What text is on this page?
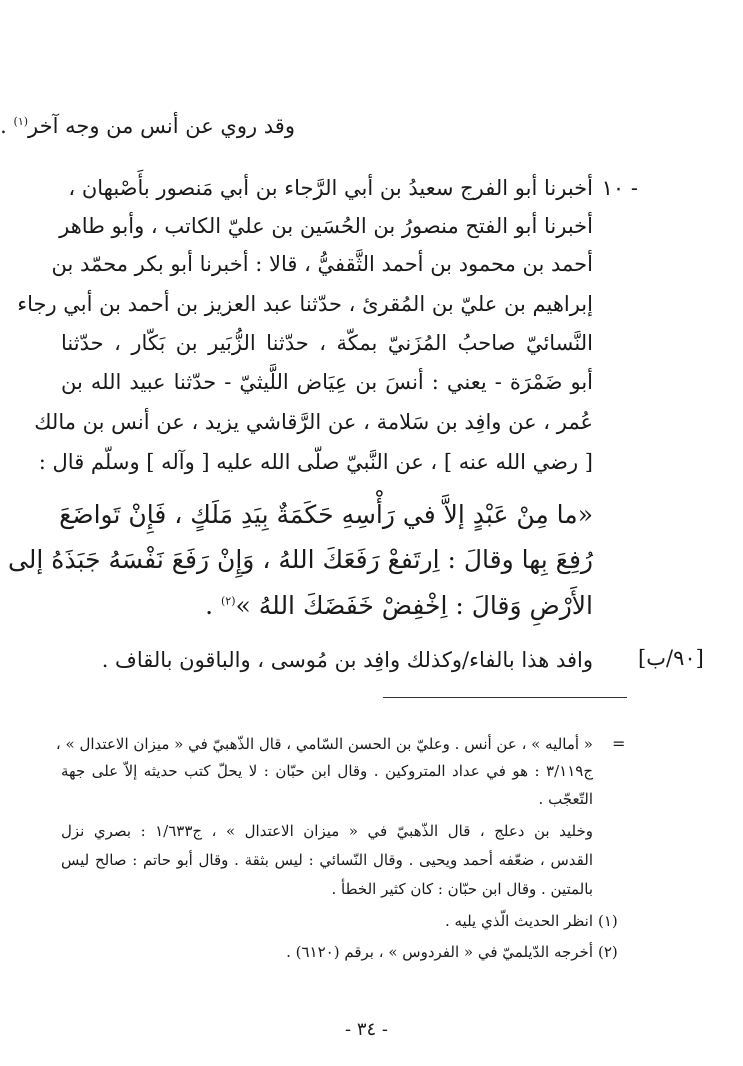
وقد روي عن أنس من وجه آخر$^{(١)}$ .
١٠ -
أخبرنا أبو الفرج سعيدُ بن أبي الرَّجاء بن أبي مَنصور بأَصْبهان ،
أخبرنا أبو الفتح منصورُ بن الحُسَين بن عليّ الكاتب ، وأبو طاهر
أحمد بن محمود بن أحمد الثَّقفيُّ ، قالا : أخبرنا أبو بكر محمّد بن
إبراهيم بن عليّ بن المُقرئ ، حدّثنا عبد العزيز بن أحمد بن أبي رجاء
النَّسائيّ صاحبُ المُزَنيّ بمكّة ، حدّثنا الزُّبَير بن بَكّار ، حدّثنا
أبو ضَمْرَة - يعني : أنسَ بن عِيَاض اللَّيثيّ - حدّثنا عبيد الله بن
عُمر ، عن وافِد بن سَلامة ، عن الرَّقاشي يزيد ، عن أنس بن مالك
[ رضي الله عنه ] ، عن النَّبيّ صلّى الله عليه [ وآله ] وسلّم قال :
«ما مِنْ عَبْدٍ إلاَّ في رَأْسِهِ حَكَمَةٌ بِيَدِ مَلَكٍ ، فَإِنْ تَواضَعَ
رُفِعَ بِها وقالَ : اِرتَفعْ رَفَعَكَ اللهُ ، وَإِنْ رَفَعَ نَفْسَهُ جَبَذَهُ إلى
الأَرْضِ وَقالَ : اِخْفِضْ خَفَضَكَ اللهُ »$^{(٢)}$ .
وافد هذا بالفاء/وكذلك وافِد بن مُوسى ، والباقون بالقاف . [٩٠/ب]
=
« أماليه » ، عن أنس . وعليّ بن الحسن السّامي ، قال الذّهبيّ في « ميزان الاعتدال » ،
ج٣/١١٩ : هو في عداد المتروكين . وقال ابن حبّان : لا يحلّ كتب حديثه إلاّ على جهة
التّعجّب .
وخليد بن دعلج ، قال الذّهبيّ في « ميزان الاعتدال » ، ج١/٦٣٣ : بصري نزل
القدس ، ضعّفه أحمد ويحيى . وقال النّسائي : ليس بثقة . وقال أبو حاتم : صالح ليس
بالمتين . وقال ابن حبّان : كان كثير الخطأ .
(١)
انظر الحديث الّذي يليه .
(٢)
أخرجه الدّيلميّ في « الفردوس » ، برقم (٦١٢٠) .
- ٣٤ -
